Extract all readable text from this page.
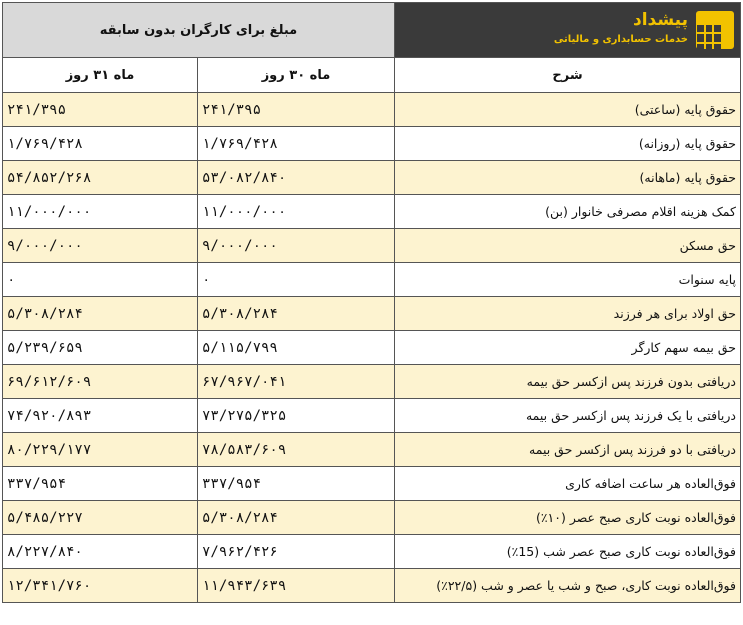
مبلغ برای کارگران بدون سابقه		پیشداد
خدمات حسابداری و مالیاتی

ماه ۳۱ روز	ماه ۳۰ روز	شرح
۲۴۱/۳۹۵	۲۴۱/۳۹۵	حقوق پایه (ساعتی)
۱/۷۶۹/۴۲۸	۱/۷۶۹/۴۲۸	حقوق پایه (روزانه)
۵۴/۸۵۲/۲۶۸	۵۳/۰۸۲/۸۴۰	حقوق پایه (ماهانه)
۱۱/۰۰۰/۰۰۰	۱۱/۰۰۰/۰۰۰	کمک هزینه اقلام مصرفی خانوار (بن)
۹/۰۰۰/۰۰۰	۹/۰۰۰/۰۰۰	حق مسکن
۰	۰	پایه سنوات
۵/۳۰۸/۲۸۴	۵/۳۰۸/۲۸۴	حق اولاد برای هر فرزند
۵/۲۳۹/۶۵۹	۵/۱۱۵/۷۹۹	حق بیمه سهم کارگر
۶۹/۶۱۲/۶۰۹	۶۷/۹۶۷/۰۴۱	دریافتی بدون فرزند پس ازکسر حق بیمه
۷۴/۹۲۰/۸۹۳	۷۳/۲۷۵/۳۲۵	دریافتی با یک فرزند پس ازکسر حق بیمه
۸۰/۲۲۹/۱۷۷	۷۸/۵۸۳/۶۰۹	دریافتی با دو فرزند پس ازکسر حق بیمه
۳۳۷/۹۵۴	۳۳۷/۹۵۴	فوق‌العاده هر ساعت اضافه کاری
۵/۴۸۵/۲۲۷	۵/۳۰۸/۲۸۴	فوق‌العاده نوبت کاری صبح عصر (۱۰٪)
۸/۲۲۷/۸۴۰	۷/۹۶۲/۴۲۶	فوق‌العاده نوبت کاری صبح عصر شب (15٪)
۱۲/۳۴۱/۷۶۰	۱۱/۹۴۳/۶۳۹	فوق‌العاده نوبت کاری، صبح و شب یا عصر و شب (۲۲/۵٪)
